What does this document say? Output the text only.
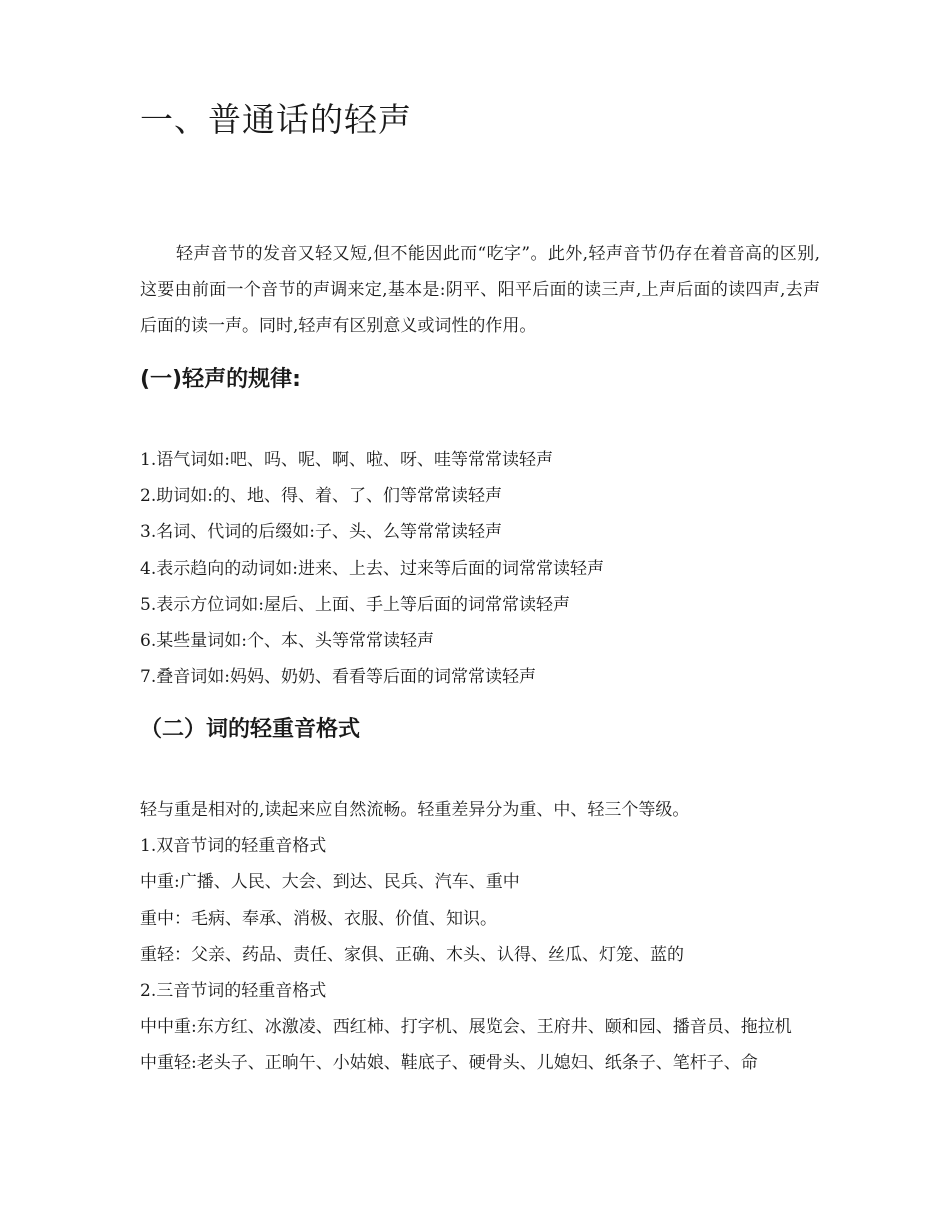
一、普通话的轻声

轻声音节的发音又轻又短,但不能因此而“吃字”。此外,轻声音节仍存在着音高的区别,这要由前面一个音节的声调来定,基本是:阴平、阳平后面的读三声,上声后面的读四声,去声后面的读一声。同时,轻声有区别意义或词性的作用。

(一)轻声的规律:
1.语气词如:吧、吗、呢、啊、啦、呀、哇等常常读轻声
2.助词如:的、地、得、着、了、们等常常读轻声
3.名词、代词的后缀如:子、头、么等常常读轻声
4.表示趋向的动词如:进来、上去、过来等后面的词常常读轻声
5.表示方位词如:屋后、上面、手上等后面的词常常读轻声
6.某些量词如:个、本、头等常常读轻声
7.叠音词如:妈妈、奶奶、看看等后面的词常常读轻声
（二）词的轻重音格式
轻与重是相对的,读起来应自然流畅。轻重差异分为重、中、轻三个等级。
1.双音节词的轻重音格式
中重:广播、人民、大会、到达、民兵、汽车、重中
重中：毛病、奉承、消极、衣服、价值、知识。
重轻：父亲、药品、责任、家俱、正确、木头、认得、丝瓜、灯笼、蓝的
2.三音节词的轻重音格式
中中重:东方红、冰激凌、西红柿、打字机、展览会、王府井、颐和园、播音员、拖拉机
中重轻:老头子、正晌午、小姑娘、鞋底子、硬骨头、儿媳妇、纸条子、笔杆子、命
